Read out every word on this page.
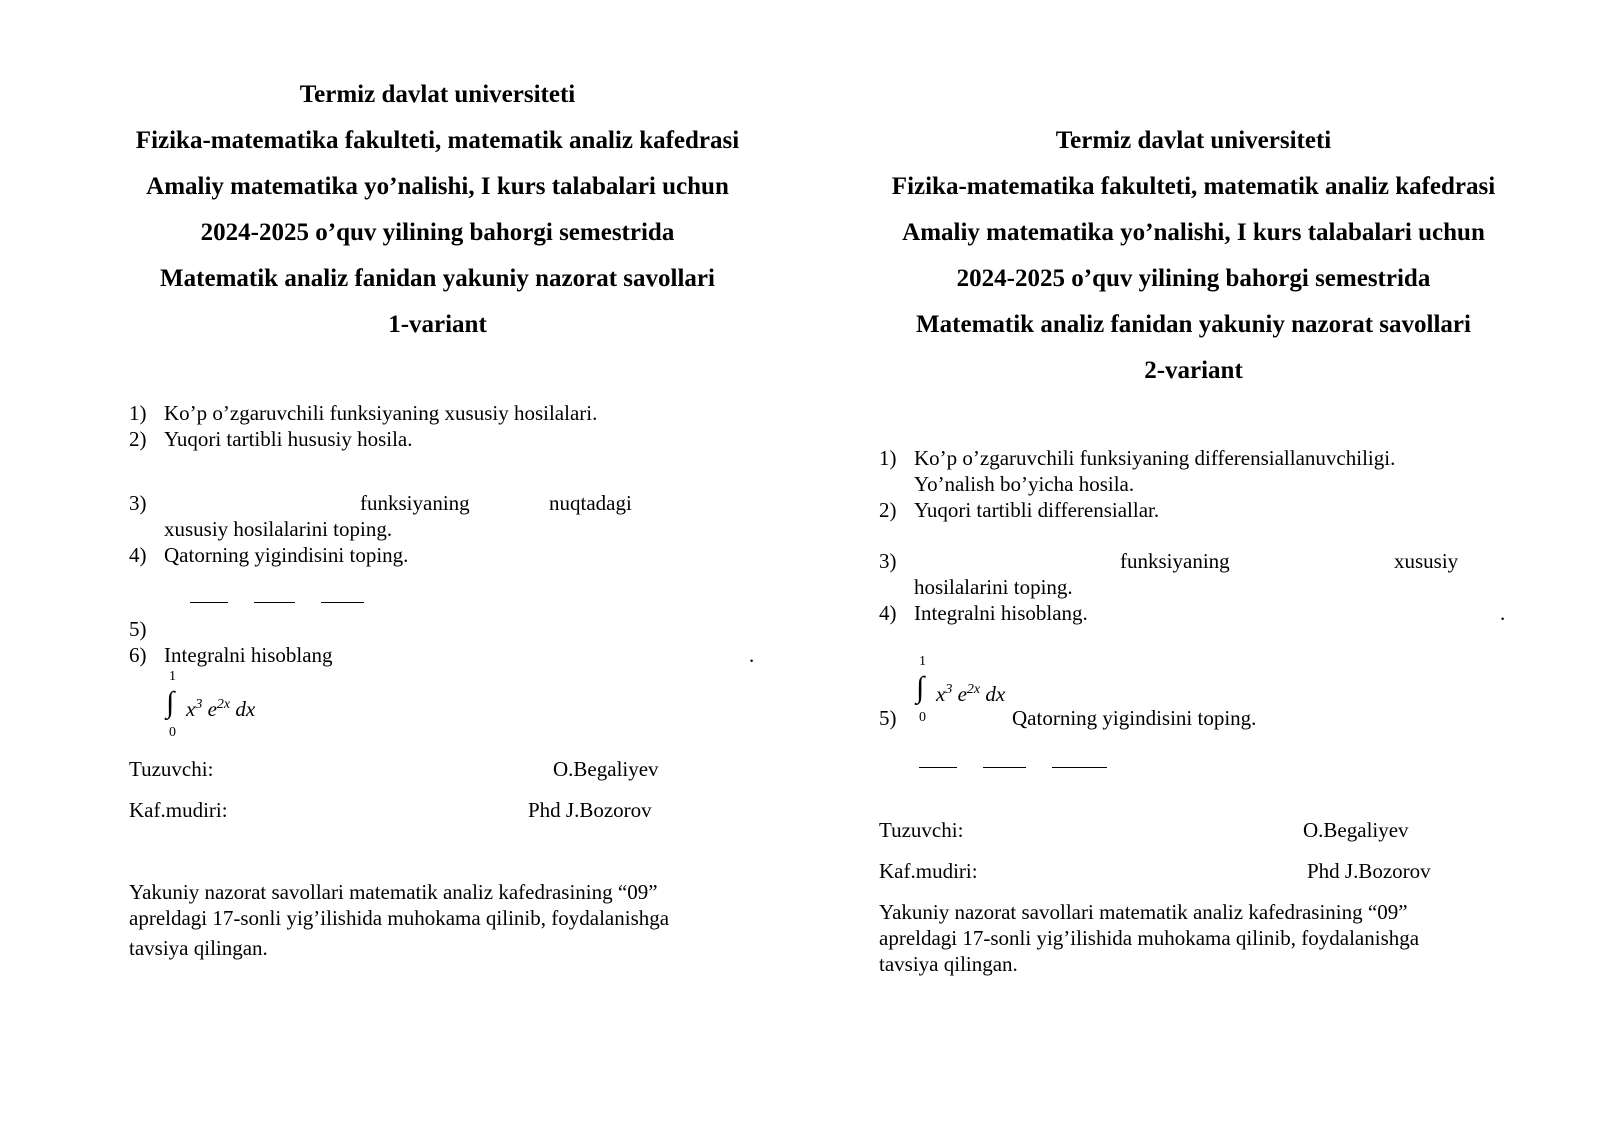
Termiz davlat universiteti
Fizika-matematika fakulteti, matematik analiz kafedrasi
Amaliy matematika yo’nalishi, I kurs talabalari uchun
2024-2025 o’quv yilining bahorgi semestrida
Matematik analiz fanidan yakuniy nazorat savollari
1-variant
1) Ko’p o’zgaruvchili funksiyaning xususiy hosilalari.
2) Yuqori tartibli hususiy hosila.
3)	funksiyaning	nuqtadagi
xususiy hosilalarini toping.
4) Qatorning yigindisini toping.
5)
6) Integralni hisoblang	.
1
∫
0
$x^3$ $e^{2x}$ dx
Tuzuvchi:	O.Begaliyev
Kaf.mudiri:	Phd J.Bozorov
Yakuniy nazorat savollari matematik analiz kafedrasining “09”
apreldagi 17-sonli yig’ilishida muhokama qilinib, foydalanishga
tavsiya qilingan.
Termiz davlat universiteti
Fizika-matematika fakulteti, matematik analiz kafedrasi
Amaliy matematika yo’nalishi, I kurs talabalari uchun
2024-2025 o’quv yilining bahorgi semestrida
Matematik analiz fanidan yakuniy nazorat savollari
2-variant
1) Ko’p o’zgaruvchili funksiyaning differensiallanuvchiligi.
Yo’nalish bo’yicha hosila.
2) Yuqori tartibli differensiallar.
3)	funksiyaning	xususiy
hosilalarini toping.
4) Integralni hisoblang.	.
1
∫
0
$x^3$ $e^{2x}$ dx
5)	Qatorning yigindisini toping.
Tuzuvchi:	O.Begaliyev
Kaf.mudiri:	Phd J.Bozorov
Yakuniy nazorat savollari matematik analiz kafedrasining “09”
apreldagi 17-sonli yig’ilishida muhokama qilinib, foydalanishga
tavsiya qilingan.
